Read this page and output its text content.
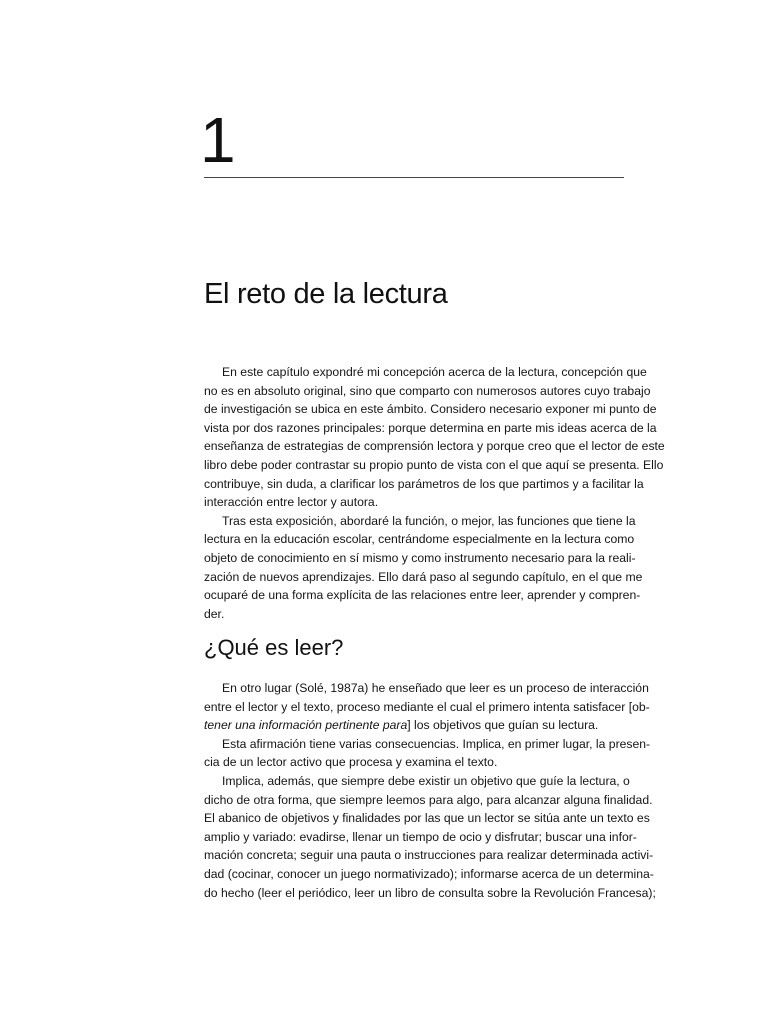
1
El reto de la lectura
En este capítulo expondré mi concepción acerca de la lectura, concepción que
no es en absoluto original, sino que comparto con numerosos autores cuyo trabajo
de investigación se ubica en este ámbito. Considero necesario exponer mi punto de
vista por dos razones principales: porque determina en parte mis ideas acerca de la
enseñanza de estrategias de comprensión lectora y porque creo que el lector de este
libro debe poder contrastar su propio punto de vista con el que aquí se presenta. Ello
contribuye, sin duda, a clarificar los parámetros de los que partimos y a facilitar la
interacción entre lector y autora.
Tras esta exposición, abordaré la función, o mejor, las funciones que tiene la
lectura en la educación escolar, centrándome especialmente en la lectura como
objeto de conocimiento en sí mismo y como instrumento necesario para la reali-
zación de nuevos aprendizajes. Ello dará paso al segundo capítulo, en el que me
ocuparé de una forma explícita de las relaciones entre leer, aprender y compren-
der.
¿Qué es leer?
En otro lugar (Solé, 1987a) he enseñado que leer es un proceso de interacción
entre el lector y el texto, proceso mediante el cual el primero intenta satisfacer [ob-
tener una información pertinente para] los objetivos que guían su lectura.
Esta afirmación tiene varias consecuencias. Implica, en primer lugar, la presen-
cia de un lector activo que procesa y examina el texto.
Implica, además, que siempre debe existir un objetivo que guíe la lectura, o
dicho de otra forma, que siempre leemos para algo, para alcanzar alguna finalidad.
El abanico de objetivos y finalidades por las que un lector se sitúa ante un texto es
amplio y variado: evadirse, llenar un tiempo de ocio y disfrutar; buscar una infor-
mación concreta; seguir una pauta o instrucciones para realizar determinada activi-
dad (cocinar, conocer un juego normativizado); informarse acerca de un determina-
do hecho (leer el periódico, leer un libro de consulta sobre la Revolución Francesa);
